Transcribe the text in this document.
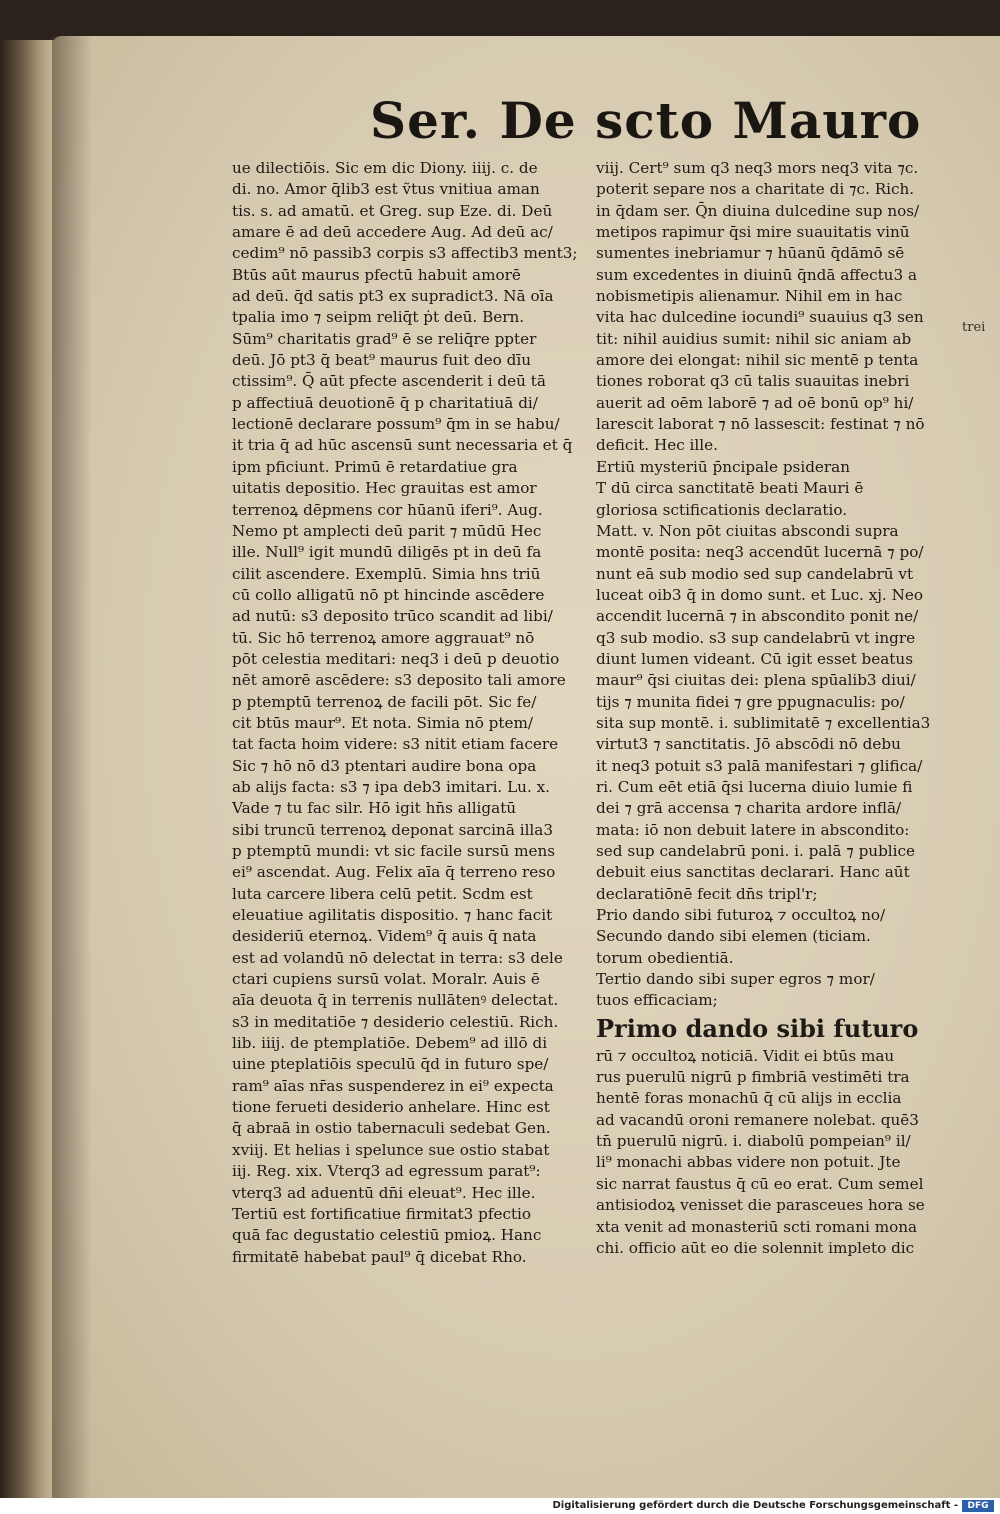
Ser. De scto Mauro
ue dilectiōis. Sic em dic Diony. iiij. c. de
di. no. Amor q̄lib3 est ṽtus vnitiua aman
tis. s. ad amatū. et Greg. sup Eze. di. Deū
amare ē ad deū accedere Aug. Ad deū ac/
cedim⁹ nō passib3 corpis s3 affectib3 ment3;
Btūs aūt maurus pfectū habuit amorē
ad deū. q̄d satis pt3 ex supradict3. Nā oīa
tpalia imo ⁊ seipm reliq̄t ṗt deū. Bern.
Sūm⁹ charitatis grad⁹ ē se reliq̄re ppter
deū. Jō pt3 q̄ beat⁹ maurus fuit deo dīu
ctissim⁹. Q̄ aūt pfecte ascenderit i deū tā
p affectiuā deuotionē q̄ p charitatiuā di/
lectionē declarare possum⁹ q̄m in se habu/
it tria q̄ ad hūc ascensū sunt necessaria et q̄
ipm pficiunt. Primū ē retardatiue gra
uitatis depositio. Hec grauitas est amor
terrenoꝝ dēpmens cor hūanū iferi⁹. Aug.
Nemo pt amplecti deū parit ⁊ mūdū Hec
ille. Null⁹ igit mundū diligēs pt in deū fa
cilit ascendere. Exemplū. Simia hns triū
cū collo alligatū nō pt hincinde ascēdere
ad nutū: s3 deposito trūco scandit ad libi/
tū. Sic hō terrenoꝝ amore aggrauat⁹ nō
pōt celestia meditari: neq3 i deū p deuotio
nēt amorē ascēdere: s3 deposito tali amore
p ptemptū terrenoꝝ de facili pōt. Sic fe/
cit btūs maur⁹. Et nota. Simia nō ptem/
tat facta hoim videre: s3 nitit etiam facere
Sic ⁊ hō nō d3 ptentari audire bona opa
ab alijs facta: s3 ⁊ ipa deb3 imitari. Lu. x.
Vade ⁊ tu fac silr. Hō igit hn̄s alligatū
sibi truncū terrenoꝝ deponat sarcinā illa3
p ptemptū mundi: vt sic facile sursū mens
ei⁹ ascendat. Aug. Felix aīa q̄ terreno reso
luta carcere libera celū petit. Scdm est
eleuatiue agilitatis dispositio. ⁊ hanc facit
desideriū eternoꝝ. Videm⁹ q̄ auis q̄ nata
est ad volandū nō delectat in terra: s3 dele
ctari cupiens sursū volat. Moralr. Auis ē
aīa deuota q̄ in terrenis nullātenꝰ delectat.
s3 in meditatiōe ⁊ desiderio celestiū. Rich.
lib. iiij. de ptemplatiōe. Debem⁹ ad illō di
uine pteplatiōis speculū q̄d in futuro spe/
ram⁹ aīas nr̄as suspenderez in ei⁹ expecta
tione ferueti desiderio anhelare. Hinc est
q̄ abraā in ostio tabernaculi sedebat Gen.
xviij. Et helias i spelunce sue ostio stabat
iij. Reg. xix. Vterq3 ad egressum parat⁹:
vterq3 ad aduentū dn̄i eleuat⁹. Hec ille.
Tertiū est fortificatiue firmitat3 pfectio
quā fac degustatio celestiū pmioꝝ. Hanc
firmitatē habebat paul⁹ q̄ dicebat Rho.
viij. Cert⁹ sum q3 neq3 mors neq3 vita ⁊c.
poterit separe nos a charitate di ⁊c. Rich.
in q̄dam ser. Q̄n diuina dulcedine sup nos/
metipos rapimur q̄si mire suauitatis vinū
sumentes inebriamur ⁊ hūanū q̄dāmō sē
sum excedentes in diuinū q̄ndā affectu3 a
nobismetipis alienamur. Nihil em in hac
vita hac dulcedine iocundi⁹ suauius q3 sen
tit: nihil auidius sumit: nihil sic aniam ab
amore dei elongat: nihil sic mentē p tenta
tiones roborat q3 cū talis suauitas inebri
auerit ad oēm laborē ⁊ ad oē bonū op⁹ hi/
larescit laborat ⁊ nō lassescit: festinat ⁊ nō
deficit. Hec ille.
Ertiū mysteriū p̄ncipale psideran
T dū circa sanctitatē beati Mauri ē
gloriosa sctificationis declaratio.
Matt. v. Non pōt ciuitas abscondi supra
montē posita: neq3 accendūt lucernā ⁊ po/
nunt eā sub modio sed sup candelabrū vt
luceat oib3 q̄ in domo sunt. et Luc. xj. Neo
accendit lucernā ⁊ in abscondito ponit ne/
q3 sub modio. s3 sup candelabrū vt ingre
diunt lumen videant. Cū igit esset beatus
maur⁹ q̄si ciuitas dei: plena spūalib3 diui/
tijs ⁊ munita fidei ⁊ gre ppugnaculis: po/
sita sup montē. i. sublimitatē ⁊ excellentia3
virtut3 ⁊ sanctitatis. Jō abscōdi nō debu
it neq3 potuit s3 palā manifestari ⁊ glifica/
ri. Cum eēt etiā q̄si lucerna diuio lumie fi
dei ⁊ grā accensa ⁊ charita ardore inflā/
mata: iō non debuit latere in abscondito:
sed sup candelabrū poni. i. palā ⁊ publice
debuit eius sanctitas declarari. Hanc aūt
declaratiōnē fecit dn̄s tripl'r;
Prio dando sibi futuroꝝ ⁊ occultoꝝ no/
Secundo dando sibi elemen (ticiam.
torum obedientiā.
Tertio dando sibi super egros ⁊ mor/
tuos efficaciam;
Primo dando sibi futuro
rū ⁊ occultoꝝ noticiā. Vidit ei btūs mau
rus puerulū nigrū p fimbriā vestimēti tra
hentē foras monachū q̄ cū alijs in ecclia
ad vacandū oroni remanere nolebat. quē3
tn̄ puerulū nigrū. i. diabolū pompeian⁹ il/
li⁹ monachi abbas videre non potuit. Jte
sic narrat faustus q̄ cū eo erat. Cum semel
antisiodoꝝ venisset die parasceues hora se
xta venit ad monasteriū scti romani mona
chi. officio aūt eo die solennit impleto dic
trei
Digitalisierung gefördert durch die Deutsche Forschungsgemeinschaft -	DFG
